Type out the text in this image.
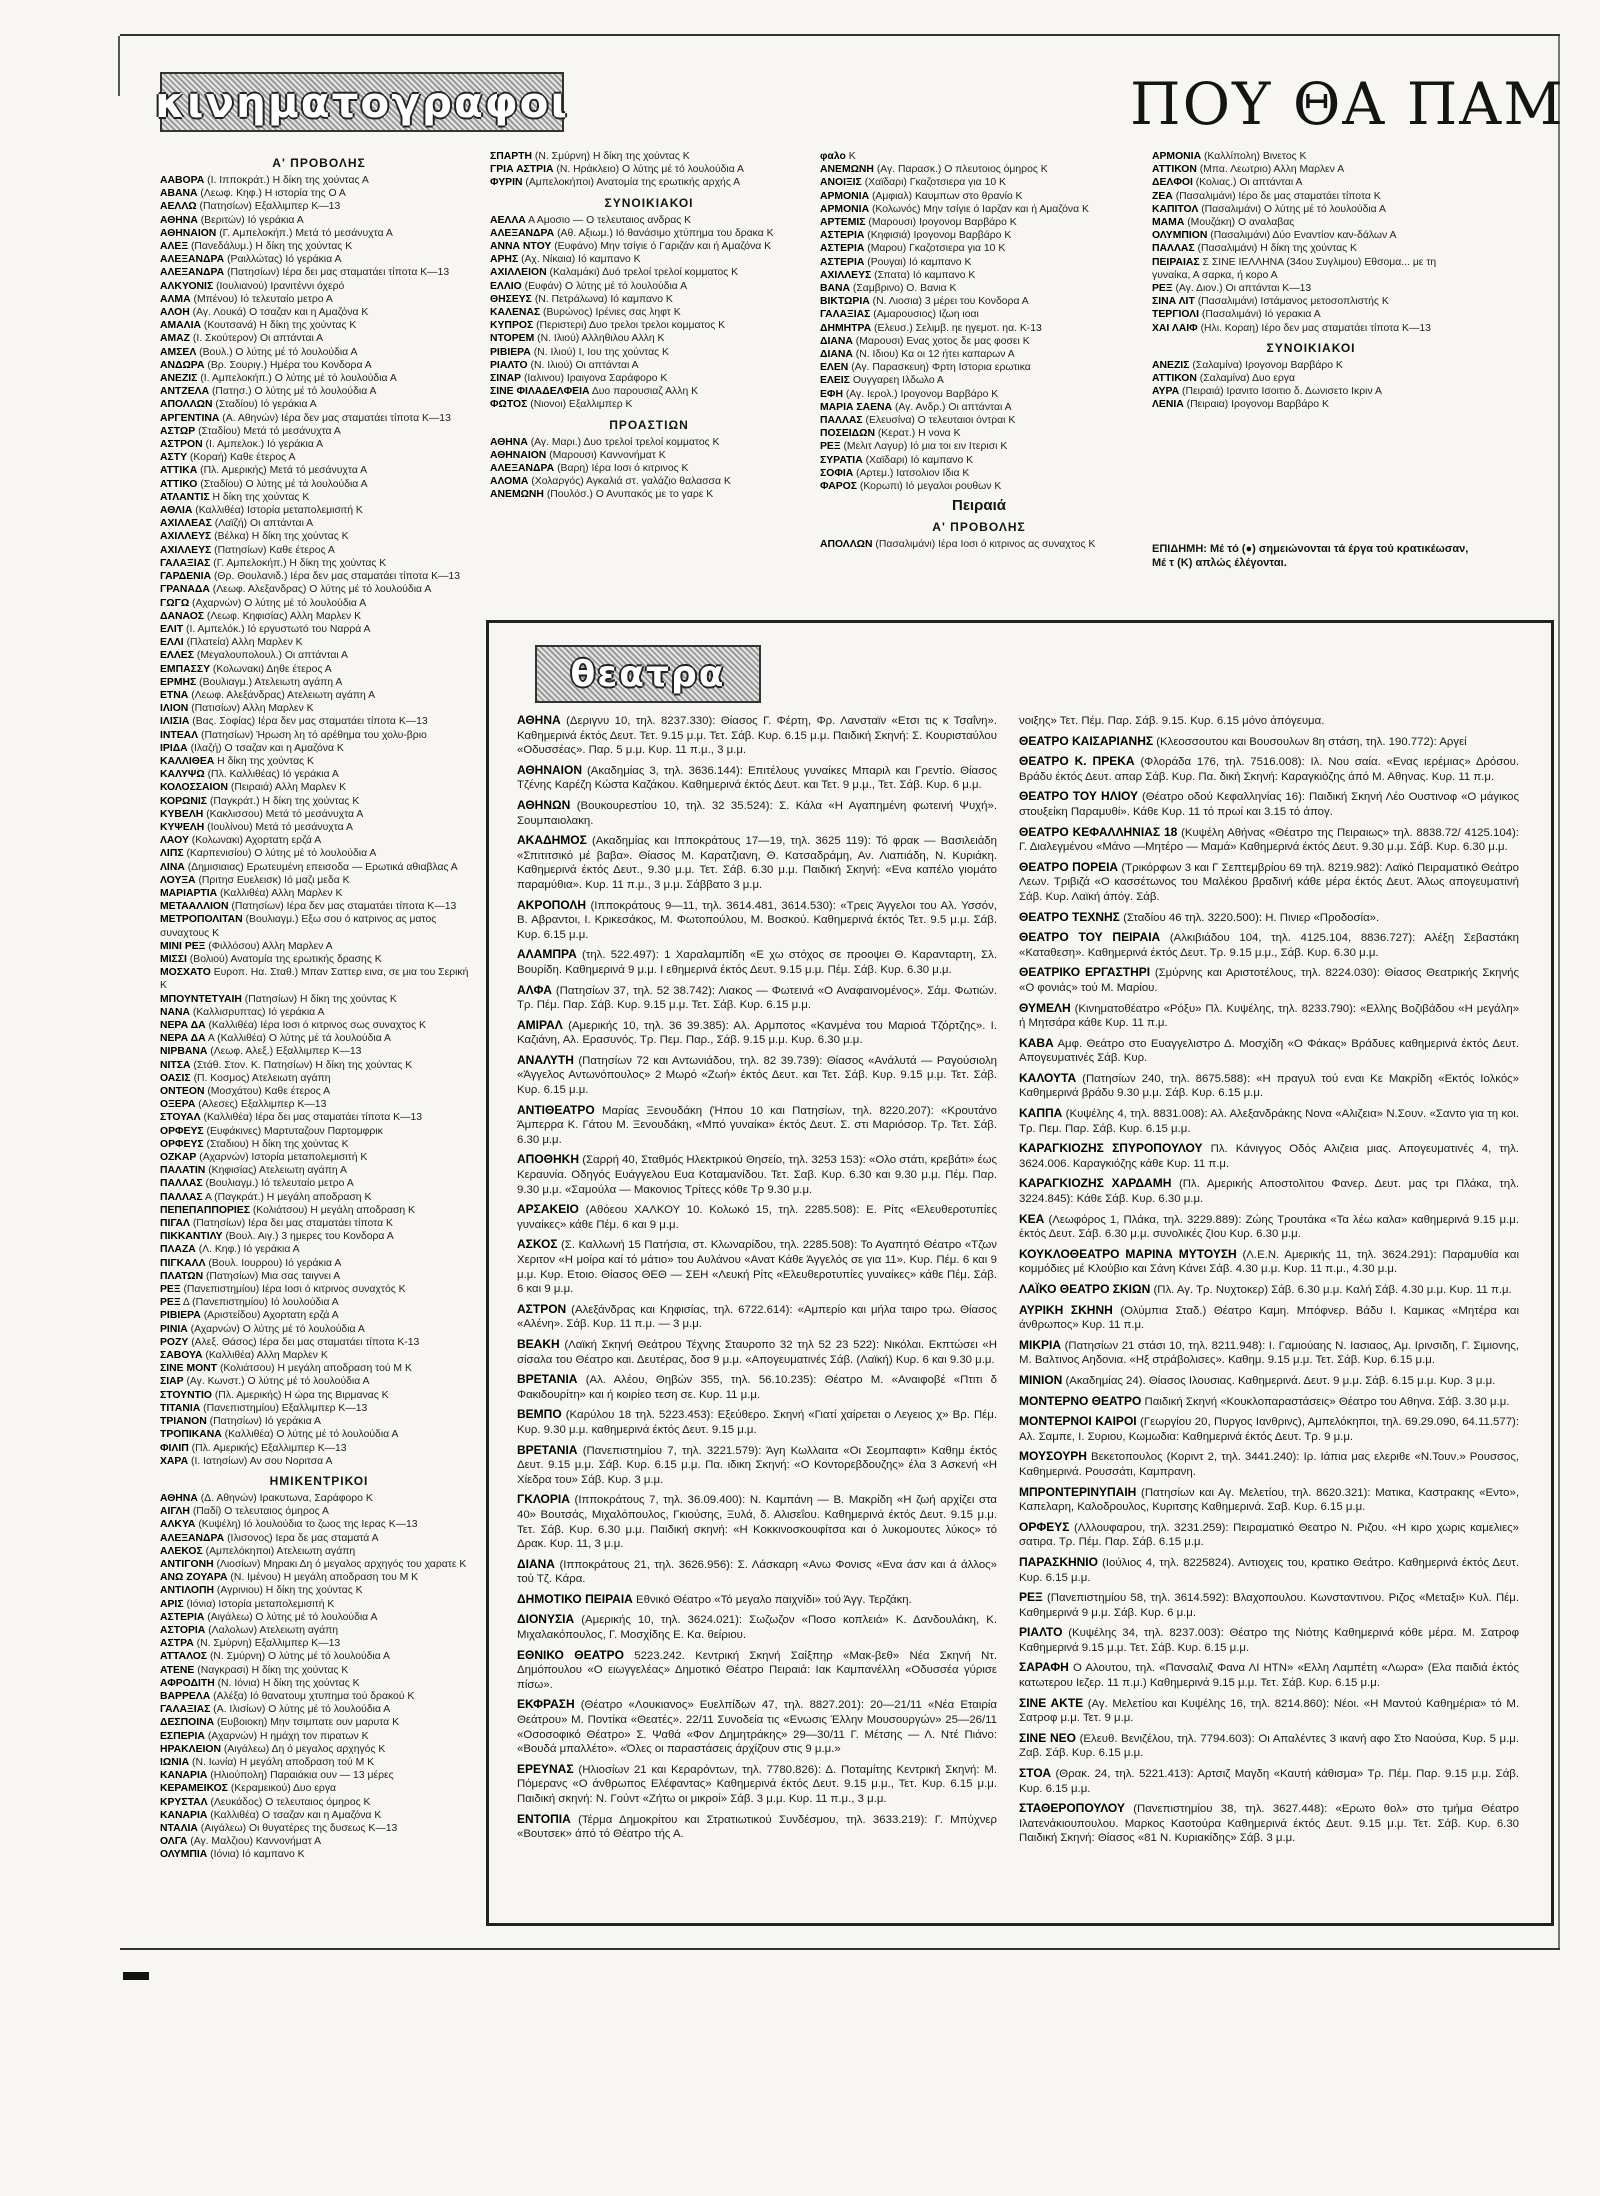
κινηματογραφοι	ΠΟΥ ΘΑ ΠΑΜ
Α' ΠΡΟΒΟΛΗΣ
ΑΑΒΟΡΑ (Ι. Ιπποκράτ.) Η δίκη της χούντας Α
ΑΒΑΝΑ (Λεωφ. Κηφ.) Η ιστορία της Ο Α
ΑΕΛΛΩ (Πατησίων) Εξαλλιμπερ Κ—13
ΑΘΗΝΑ (Βεριτών) Ιό γεράκια Α
ΑΘΗΝΑΙΟΝ (Γ. Αμπελοκήπ.) Μετά τό μεσάνυχτα Α
ΑΛΕΞ (Πανεδάλυμ.) Η δίκη της χούντας Κ
ΑΛΕΞΑΝΔΡΑ (Ραιλλώτας) Ιό γεράκια Α
ΑΛΕΞΑΝΔΡΑ (Πατησίων) Ιέρα δει μας σταματάει τίποτα Κ—13
ΑΛΚΥΟΝΙΣ (Ιουλιανού) Ιρανιτέννι όχερό
ΑΛΜΑ (Μπένου) Ιό τελευταίο μετρο Α
ΑΛΟΗ (Αγ. Λουκά) Ο τσαζαν και η Αμαζόνα Κ
ΑΜΑΛΙΑ (Κουτσανά) Η δίκη της χούντας Κ
ΑΜΑΖ (Ι. Σκούτερον) Οι απτάνται Α
ΑΜΣΕΛ (Βουλ.) Ο λύτης μέ τό λουλούδια Α
ΑΝΔΩΡΑ (Βρ. Σουριγ.) Ημέρα του Κονδορα Α
ΑΝΕΖΙΣ (Ι. Αμπελοκήπ.) Ο λύτης μέ τό λουλούδια Α
ΑΝΤΖΕΛΑ (Πατησ.) Ο λύτης μέ τό λουλούδια Α
ΑΠΟΛΛΩΝ (Σταδίου) Ιό γεράκια Α
ΑΡΓΕΝΤΙΝΑ (Α. Αθηνών) Ιέρα δεν μας σταματάει τίποτα Κ—13
ΑΣΤΩΡ (Σταδίου) Μετά τό μεσάνυχτα Α
ΑΣΤΡΟΝ (Ι. Αμπελοκ.) Ιό γεράκια Α
ΑΣΤΥ (Κοραή) Καθε έτερος Α
ΑΤΤΙΚΑ (Πλ. Αμερικής) Μετά τό μεσάνυχτα Α
ΑΤΤΙΚΟ (Σταδίου) Ο λύτης μέ τά λουλούδια Α
ΑΤΛΑΝΤΙΣ Η δίκη της χούντας Κ
ΑΘΛΙΑ (Καλλιθέα) Ιστορία μεταπολεμισιτή Κ
ΑΧΙΛΛΕΑΣ (Λαϊζή) Οι απτάνται Α
ΑΧΙΛΛΕΥΣ (Βέλκα) Η δίκη της χούντας Κ
ΑΧΙΛΛΕΥΣ (Πατησίων) Καθε έτερος Α
ΓΑΛΑΞΙΑΣ (Γ. Αμπελοκήπ.) Η δίκη της χούντας Κ
ΓΑΡΔΕΝΙΑ (Θρ. Θουλανιδ.) Ιέρα δεν μας σταματάει τίποτα Κ—13
ΓΡΑΝΑΔΑ (Λεωφ. Αλεξανδρας) Ο λύτης μέ τό λουλούδια Α
ΓΩΓΩ (Αχαρνών) Ο λύτης μέ τό λουλούδια Α
ΔΑΝΑΟΣ (Λεωφ. Κηφισίας) Αλλη Μαρλεν Κ
ΕΛΙΤ (Ι. Αμπελόκ.) Ιό εργυστωτό του Ναρρά Α
ΕΛΛΙ (Πλατεία) Αλλη Μαρλεν Κ
ΕΛΛΕΣ (Μεγαλουπολουλ.) Οι απτάνται Α
ΕΜΠΑΣΣΥ (Κολωνακι) Δηθε έτερος Α
ΕΡΜΗΣ (Βουλιαγμ.) Ατελειωτη αγάπη Α
ΕΤΝΑ (Λεωφ. Αλεξάνδρας) Ατελειωτη αγάπη Α
ΙΛΙΟΝ (Πατισίων) Αλλη Μαρλεν Κ
ΙΛΙΣΙΑ (Βας. Σοφίας) Ιέρα δεν μας σταματάει τίποτα Κ—13
ΙΝΤΕΑΛ (Πατησίων) Ήρωση λη τό αρέθημα του χολυ-βριο
ΙΡΙΔΑ (Ιλαζή) Ο τσαζαν και η Αμαζόνα Κ
ΚΑΛΛΙΘΕΑ Η δίκη της χούντας Κ
ΚΑΛΥΨΩ (Πλ. Καλλιθέας) Ιό γεράκια Α
ΚΟΛΟΣΣΑΙΟΝ (Πειραιά) Αλλη Μαρλεν Κ
ΚΟΡΩΝΙΣ (Παγκράτ.) Η δίκη της χούντας Κ
ΚΥΒΕΛΗ (Κακλισσου) Μετά τό μεσάνυχτα Α
ΚΥΨΕΛΗ (Ιουλίνου) Μετά τό μεσάνυχτα Α
ΛΑΟΥ (Κολωνακι) Αχορτατη ερζά Α
ΛΙΠΣ (Καρπενισίου) Ο λύτης μέ τό λουλούδια Α
ΛΙΝΑ (Δημισιαιας) Ερωτευμένη επεισοδα — Ερωτικά αθιαβλας Α
ΛΟΥΞΑ (Πριτησ Ευελεισκ) Ιό μαζι μεδα Κ
ΜΑΡΙΑΡΤΙΑ (Καλλιθέα) Αλλη Μαρλεν Κ
ΜΕΤΑΑΛΛΙΟΝ (Πατησίων) Ιέρα δεν μας σταματάει τίποτα Κ—13
ΜΕΤΡΟΠΟΛΙΤΑΝ (Βουλιαγμ.) Εξω σου ό κατρινος ας ματος συναχτους Κ
ΜΙΝΙ ΡΕΞ (Φιλλόσου) Αλλη Μαρλεν Α
ΜΙΣΣΙ (Βολιού) Ανατομία της ερωτικής δρασης Κ
ΜΟΣΧΑΤΟ Ευροπ. Ηα. Σταθ.) Μπαν Σαττερ εινα, σε μια του Σερική Κ
ΜΠΟΥΝΤΕΤΥΑΙΗ (Πατησίων) Η δίκη της χούντας Κ
ΝΑΝΑ (Καλλισρυπτας) Ιό γεράκια Α
ΝΕΡΑ ΔΑ (Καλλιθέα) Ιέρα Ιοσι ό κιτρινος σως συναχτος Κ
ΝΕΡΑ ΔΑ Α (Καλλιθέα) Ο λύτης μέ τά λουλούδια Α
ΝΙΡΒΑΝΑ (Λεωφ. Αλεξ.) Εξαλλιμπερ Κ—13
ΝΙΤΣΑ (Στάθ. Στον. Κ. Πατησίων) Η δίκη της χούντας Κ
ΟΑΣΙΣ (Π. Κοσμος) Ατελειωτη αγάπη
ΟΝΤΕΟΝ (Μοσχάτου) Καθε έτερος Α
ΟΞΕΡΑ (Αλεσες) Εξαλλιμπερ Κ—13
ΣΤΟΥΑΛ (Καλλιθέα) Ιέρα δει μας σταματάει τίποτα Κ—13
ΟΡΦΕΥΣ (Ευφάκινες) Μαρτυταζουν Παρτομφρικ
ΟΡΦΕΥΣ (Σταδιου) Η δίκη της χούντας Κ
ΟΖΚΑΡ (Αχαρνών) Ιστορία μεταπολεμισιτή Κ
ΠΑΛΑΤΙΝ (Κηφισίας) Ατελειωτη αγάπη Α
ΠΑΛΛΑΣ (Βουλιαγμ.) Ιό τελευταίο μετρο Α
ΠΑΛΛΑΣ Α (Παγκράτ.) Η μεγάλη αποδραση Κ
ΠΕΠΕΠΑΠΠΟΡΙΕΣ (Κολιάτσου) Η μεγάλη αποδραση Κ
ΠΙΓΑΛ (Πατησίων) Ιέρα δει μας σταματάει τίποτα Κ
ΠΙΚΚΑΝΤΙΛΥ (Βουλ. Αιγ.) 3 ημερες του Κονδορα Α
ΠΛΑΖΑ (Λ. Κηφ.) Ιό γεράκια Α
ΠΙΓΚΑΛΛ (Βουλ. Ιουρρου) Ιό γεράκια Α
ΠΛΑΤΩΝ (Πατησίων) Μια σας ταιγνει Α
ΡΕΞ (Πανεπιστημίου) Ιέρα Ιοσι ό κιτρινος συναχτός Κ
ΡΕΞ Δ (Πανεπιστημίου) Ιό λουλούδια Α
ΡΙΒΙΕΡΑ (Αριστείδου) Αχορτατη ερζά Α
ΡΙΝΙΑ (Αχαρνών) Ο λύτης μέ τό λουλούδια Α
ΡΟΖΥ (Αλεξ. Θάσος) Ιέρα δει μας σταματάει τίποτα Κ-13
ΣΑΒΟΥΑ (Καλλιθέα) Αλλη Μαρλεν Κ
ΣΙΝΕ ΜΟΝΤ (Κολιάτσου) Η μεγάλη αποδραση τού Μ Κ
ΣΙΑΡ (Αγ. Κωνστ.) Ο λύτης μέ τό λουλούδια Α
ΣΤΟΥΝΤΙΟ (Πλ. Αμερικής) Η ώρα της Βιρμανας Κ
ΤΙΤΑΝΙΑ (Πανεπιστημίου) Εξαλλιμπερ Κ—13
ΤΡΙΑΝΟΝ (Πατησίων) Ιό γεράκια Α
ΤΡΟΠΙΚΑΝΑ (Καλλιθέα) Ο λύτης μέ τό λουλούδια Α
ΦΙΛΙΠ (Πλ. Αμερικής) Εξαλλιμπερ Κ—13
ΧΑΡΑ (Ι. Ιατησίων) Αν σου Νοριτσα Α
ΗΜΙΚΕΝΤΡΙΚΟΙ
ΑΘΗΝΑ (Δ. Αθηνών) Ιρακυτωνα, Σαράφορο Κ
ΑΙΓΛΗ (Παδί) Ο τελευταιος όμηρος Α
ΑΛΚΥΑ (Κυψέλη) Ιό λουλούδια το ζωος της Ιερας Κ—13
ΑΛΕΞΑΝΔΡΑ (Ιλισονος) Ιερα δε μας σταματά Α
ΑΛΕΚΟΣ (Αμπελόκηποι) Ατελειωτη αγάπη
ΑΝΤΙΓΟΝΗ (Λιοσίων) Μηρακι Δη ό μεγαλος αρχηγός του χαρατε Κ
ΑΝΩ ΖΟΥΑΡΑ (Ν. Ιμένου) Η μεγάλη αποδραση του Μ Κ
ΑΝΤΙΛΟΠΗ (Αγρινιου) Η δίκη της χούντας Κ
ΑΡΙΣ (Ιόνια) Ιστορία μεταπολεμισιτή Κ
ΑΣΤΕΡΙΑ (Αιγάλεω) Ο λύτης μέ τό λουλούδια Α
ΑΣΤΟΡΙΑ (Λαλολων) Ατελειωτη αγάπη
ΑΣΤΡΑ (Ν. Σμύρνη) Εξαλλιμπερ Κ—13
ΑΤΤΑΛΟΣ (Ν. Σμύρνη) Ο λύτης μέ τό λουλούδια Α
ΑΤΕΝΕ (Ναγκρασι) Η δίκη της χούντας Κ
ΑΦΡΟΔΙΤΗ (Ν. Ιόνια) Η δίκη της χούντας Κ
ΒΑΡΡΕΛΑ (Αλέξα) Ιό θανατουμ χτυπημα τού δρακού Κ
ΓΑΛΑΞΙΑΣ (Α. Ιλισίων) Ο λύτης μέ τό λουλούδια Α
ΔΕΣΠΟΙΝΑ (Ευβοιοκη) Μην τσιμπατε ουν μαρυτα Κ
ΕΣΠΕΡΙΑ (Αχαρνών) Η ημάχη τον πιρατων Κ
ΗΡΑΚΛΕΙΟΝ (Αιγάλεω) Δη ό μεγαλος αρχηγός Κ
ΙΩΝΙΑ (Ν. Ιωνία) Η μεγάλη αποδραση τού Μ Κ
ΚΑΝΑΡΙΑ (Ηλιούπολη) Παραιάκια ουν — 13 μέρες
ΚΕΡΑΜΕΙΚΟΣ (Κεραμεικού) Δυο εργα
ΚΡΥΣΤΑΛ (Λευκάδος) Ο τελευταιος όμηρος Κ
ΚΑΝΑΡΙΑ (Καλλιθέα) Ο τσαζαν και η Αμαζόνα Κ
ΝΤΑΛΙΑ (Αιγάλεω) Οι θυγατέρες της δυσεως Κ—13
ΟΛΓΑ (Αγ. Μαλζιου) Καννονήματ Α
ΟΛΥΜΠΙΑ (Ιόνια) Ιό καμπανο Κ
ΣΠΑΡΤΗ (Ν. Σμύρνη) Η δίκη της χούντας Κ
ΓΡΙΑ ΑΣΤΡΙΑ (Ν. Ηράκλειο) Ο λύτης μέ τό λουλούδια Α
ΦΥΡΙΝ (Αμπελοκήποι) Ανατομία της ερωτικής αρχής Α
ΣΥΝΟΙΚΙΑΚΟΙ
ΑΕΛΛΑ Α Αμοσιο — Ο τελευταιος ανδρας Κ
ΑΛΕΞΑΝΔΡΑ (Αθ. Αξιωμ.) Ιό θανάσιμο χτύπημα του δρακα Κ
ΑΝΝΑ ΝΤΟΥ (Ευφάνο) Μην τσίγιε ό Γαριζάν και ή Αμαζόνα Κ
ΑΡΗΣ (Αχ. Νίκαια) Ιό καμπανο Κ
ΑΧΙΛΛΕΙΟΝ (Καλαμάκι) Δυό τρελοί τρελοί κομματος Κ
ΕΛΛΙΟ (Ευφάν) Ο λύτης μέ τό λουλούδια Α
ΘΗΣΕΥΣ (Ν. Πετράλωνα) Ιό καμπανο Κ
ΚΑΛΕΝΑΣ (Βυρώνος) Ιρένιες σας ληφτ Κ
ΚΥΠΡΟΣ (Περιστερι) Δυο τρελοι τρελοι κομματος Κ
ΝΤΟΡΕΜ (Ν. Ιλιού) Αλληθιλου Αλλη Κ
ΡΙΒΙΕΡΑ (Ν. Ιλιού) Ι, Ιου της χούντας Κ
ΡΙΑΛΤΟ (Ν. Ιλιού) Οι απτάνται Α
ΣΙΝΑΡ (Ιαλινου) Ιραιγονα Σαράφορο Κ
ΣΙΝΕ ΦΙΛΑΔΕΛΦΕΙΑ Δυο παρουσιαζ Αλλη Κ
ΦΩΤΟΣ (Νιονοι) Εξαλλιμπερ Κ
ΠΡΟΑΣΤΙΩΝ
ΑΘΗΝΑ (Αγ. Μαρι.) Δυο τρελοί τρελοί κομματος Κ
ΑΘΗΝΑΙΟΝ (Μαρουσι) Καννονήματ Κ
ΑΛΕΞΑΝΔΡΑ (Βαρη) Ιέρα Ιοσι ό κιτρινος Κ
ΑΛΟΜΑ (Χολαργός) Αγκαλιά στ. γαλάζιο θαλασσα Κ
ΑΝΕΜΩΝΗ (Πουλόσ.) Ο Ανυπακός με το γαρε Κ
φαλο Κ
ΑΝΕΜΩΝΗ (Αγ. Παρασκ.) Ο πλευτοιος όμηρος Κ
ΑΝΟΙΞΙΣ (Χαϊδαρι) Γκαζοτσιερα για 10 Κ
ΑΡΜΟΝΙΑ (Αμφιαλ) Καυμπων στο θρανίο Κ
ΑΡΜΟΝΙΑ (Κολωνός) Μην τσίγιε ό Ιαρζαν και ή Αμαζόνα Κ
ΑΡΤΕΜΙΣ (Μαρουσι) Ιρογονομ Βαρβάρο Κ
ΑΣΤΕΡΙΑ (Κηφισιά) Ιρογονομ Βαρβάρο Κ
ΑΣΤΕΡΙΑ (Μαρου) Γκαζοτσιερα για 10 Κ
ΑΣΤΕΡΙΑ (Ρουγαι) Ιό καμπανο Κ
ΑΧΙΛΛΕΥΣ (Σπατα) Ιό καμπανο Κ
ΒΑΝΑ (Σαμβρινο) Ο. Βανια Κ
ΒΙΚΤΩΡΙΑ (Ν. Λιοσια) 3 μέρει του Κονδορα Α
ΓΑΛΑΞΙΑΣ (Αμαρουσιος) Ιζωη ιοαι
ΔΗΜΗΤΡΑ (Ελευσ.) Σελιμβ. ηε ηγεμοτ. ηα. Κ-13
ΔΙΑΝΑ (Μαρουσι) Ενας χοτος δε μας φοσει Κ
ΔΙΑΝΑ (Ν. Ιδιου) Κα οι 12 ήτει καπαρων Α
ΕΛΕΝ (Αγ. Παρασκευη) Φρτη Ιστορια ερωτικα
ΕΛΕΙΣ Ουγγαρεη Ιλδωλο Α
ΕΦΗ (Αγ. Ιερολ.) Ιρογονομ Βαρβάρο Κ
ΜΑΡΙΑ ΣΑΕΝΑ (Αγ. Ανδρ.) Οι απτάνται Α
ΠΑΛΛΑΣ (Ελευσίνα) Ο τελευταιοι όντραι Κ
ΠΟΣΕΙΔΩΝ (Κερατ.) Η νονα Κ
ΡΕΞ (Μελιτ Λαγυρ) Ιό μια τοι ειν Ιτερισι Κ
ΣΥΡΑΤΙΑ (Χαϊδαρι) Ιό καμπανο Κ
ΣΟΦΙΑ (Αρτεμ.) Ιατσολιον Ιδια Κ
ΦΑΡΟΣ (Κορωπι) Ιό μεγαλοι ρουθων Κ
Πειραιά
Α' ΠΡΟΒΟΛΗΣ
ΑΠΟΛΛΩΝ (Πασαλιμάνι) Ιέρα Ιοσι ό κιτρινος ας συναχτος Κ
ΑΡΜΟΝΙΑ (Καλλίπολη) Βινετος Κ
ΑΤΤΙΚΟΝ (Μπα. Λεωτριο) Αλλη Μαρλεν Α
ΔΕΛΦΟΙ (Κολιας.) Οι απτάνται Α
ΖΕΑ (Πασαλιμάνι) Ιέρο δε μας σταματάει τίποτα Κ
ΚΑΠΙΤΟΛ (Πασαλιμάνι) Ο λύτης μέ τό λουλούδια Α
ΜΑΜΑ (Μουζάκη) Ο αναλαβας
ΟΛΥΜΠΙΟΝ (Πασαλιμάνι) Δύο Εναντίον καν-δάλων Α
ΠΑΛΛΑΣ (Πασαλιμάνι) Η δίκη της χούντας Κ
ΠΕΙΡΑΙΑΣ Σ ΣΙΝΕ ΙΕΛΛΗΝΑ (34ου Συγλιμου) Εθσομα... με τη γυναίκα, Α σαρκα, ή κορο Α
ΡΕΞ (Αγ. Διον.) Οι απτάνται Κ—13
ΣΙΝΑ ΛΙΤ (Πασαλιμάνι) Ιστάμανος μετοσοπλιστής Κ
ΤΕΡΓΙΟΛΙ (Πασαλιμάνι) Ιό γερακια Α
ΧΑΙ ΛΑΙΦ (Ηλι. Κοραη) Ιέρο δεν μας σταματάει τίποτα Κ—13
ΣΥΝΟΙΚΙΑΚΟΙ
ΑΝΕΖΙΣ (Σαλαμίνα) Ιρογονομ Βαρβάρο Κ
ΑΤΤΙΚΟΝ (Σαλαμίνα) Δυο εργα
ΑΥΡΑ (Πειραιά) Ιρανιτο Ισοιτιο δ. Δωνισετο Ικριν Α
ΛΕΝΙΑ (Πειραια) Ιρογονομ Βαρβάρο Κ
ΕΠΙΔΗΜΗ: Μέ τό (●) σημειώνονται τά έργα τού κρατικέωσαν, Μέ τ (Κ) απλώς έλέγονται.
θεατρα

ΑΘΗΝΑ (Δεριγνυ 10, τηλ. 8237.330): Θίασος Γ. Φέρτη, Φρ. Λανσταϊν «Ετσι τις κ Τσαΐνη». Καθημερινά έκτός Δευτ. Τετ. 9.15 μ.μ. Τετ. Σάβ. Κυρ. 6.15 μ.μ. Παιδική Σκηνή: Σ. Κουρισταύλου «Οδυσσέας». Παρ. 5 μ.μ. Κυρ. 11 π.μ., 3 μ.μ.

ΑΘΗΝΑΙΟΝ (Ακαδημίας 3, τηλ. 3636.144): Επιτέλους γυναίκες Μπαριλ και Γρεντίο. Θίασος Τζένης Καρέζη Κώστα Καζάκου. Καθημερινά έκτός Δευτ. και Τετ. 9 μ.μ., Τετ. Σάβ. Κυρ. 6 μ.μ.

ΑΘΗΝΩΝ (Βουκουρεστίου 10, τηλ. 32 35.524): Σ. Κάλα «Η Αγαπημένη φωτεινή Ψυχή». Σουμπαιολακη.

ΑΚΑΔΗΜΟΣ (Ακαδημίας και Ιπποκράτους 17—19, τηλ. 3625 119): Τό φρακ — Βασιλειάδη «Σπιτιτσικό μέ βαβα». Θίασος Μ. Καρατζιανη, Θ. Κατσαδράμη, Αν. Λιαπιάδη, Ν. Κυριάκη. Καθημερινά έκτός Δευτ., 9.30 μ.μ. Τετ. Σάβ. 6.30 μ.μ. Παιδική Σκηνή: «Ενα καπέλο γιομάτο παραμύθια». Κυρ. 11 π.μ., 3 μ.μ. Σάββατο 3 μ.μ.

ΑΚΡΟΠΟΛΗ (Ιπποκράτους 9—11, τηλ. 3614.481, 3614.530): «Τρεις Άγγελοι του Αλ. Υσσόν, Β. Αβραντοι, Ι. Κρικεσάκος, Μ. Φωτοπούλου, Μ. Βοσκού. Καθημερινά έκτός Τετ. 9.5 μ.μ. Σάβ. Κυρ. 6.15 μ.μ.

ΑΛΑΜΠΡΑ (τηλ. 522.497): 1 Χαραλαμπίδη «Ε χω στόχος σε προοψει Θ. Καρανταρτη, Σλ. Βουρίδη. Καθημερινά 9 μ.μ. Ι εθημερινά έκτός Δευτ. 9.15 μ.μ. Πέμ. Σάβ. Κυρ. 6.30 μ.μ.

ΑΛΦΑ (Πατησίων 37, τηλ. 52 38.742): Λιακος — Φωτεινά «Ο Αναφαινομένος». Σάμ. Φωτιών. Τρ. Πέμ. Παρ. Σάβ. Κυρ. 9.15 μ.μ. Τετ. Σάβ. Κυρ. 6.15 μ.μ.

ΑΜΙΡΑΛ (Αμερικής 10, τηλ. 36 39.385): Αλ. Αρμποτος «Κανμένα του Μαριοά Τζόρτζης». Ι. Καζιάνη, Αλ. Ερασυνός. Τρ. Πεμ. Παρ., Σάβ. 9.15 μ.μ. Κυρ. 6.30 μ.μ.

ΑΝΑΛΥΤΗ (Πατησίων 72 και Αντωνιάδου, τηλ. 82 39.739): Θίασος «Ανάλυτά — Ραγούσιολη «Άγγελος Αντωνόπουλος» 2 Μωρό «Ζωή» έκτός Δευτ. και Τετ. Σάβ. Κυρ. 9.15 μ.μ. Τετ. Σάβ. Κυρ. 6.15 μ.μ.

ΑΝΤΙΘΕΑΤΡΟ Μαρίας Ξενουδάκη (Ήπου 10 και Πατησίων, τηλ. 8220.207): «Κρουτάνο Άμπερρα Κ. Γάτου Μ. Ξενουδάκη, «Μπό γυναίκα» έκτός Δευτ. Σ. στι Μαριόσορ. Τρ. Τετ. Σάβ. 6.30 μ.μ.

ΑΠΟΘΗΚΗ (Σαρρή 40, Σταθμός Ηλεκτρικού Θησείο, τηλ. 3253 153): «Ολο στάτι, κρεβάτι» έως Κεραυνία. Οδηγός Ευάγγελου Ευα Κοταμανίδου. Τετ. Σαβ. Κυρ. 6.30 και 9.30 μ.μ. Πέμ. Παρ. 9.30 μ.μ. «Σαμούλα — Μακονιος Τρίτεςς κόθε Τρ 9.30 μ.μ.

ΑΡΣΑΚΕΙΟ (Αθόεου ΧΑΛΚΟΥ 10. Κολωκό 15, τηλ. 2285.508): Ε. Ρίτς «Ελευθεροτυπίες γυναίκες» κάθε Πέμ. 6 και 9 μ.μ.

ΑΣΚΟΣ (Σ. Καλλωνή 15 Πατήσια, στ. Κλωναρίδου, τηλ. 2285.508): Το Αγαπητό Θέατρο «Τζων Χεριτον «Η μοίρα καί τό μάτιο» του Αυλάνου «Ανατ Κάθε Άγγελός σε για 11». Κυρ. Πέμ. 6 και 9 μ.μ. Κυρ. Ετοιο. Θίασος ΘΕΘ — ΣΕΗ «Λευκή Ρίτς «Ελευθεροτυπίες γυναίκες» κάθε Πέμ. Σάβ. 6 και 9 μ.μ.

ΑΣΤΡΟΝ (Αλεξάνδρας και Κηφισίας, τηλ. 6722.614): «Αμπερίο και μήλα ταιρο τρω. Θίασος «Αλένη». Σάβ. Κυρ. 11 π.μ. — 3 μ.μ.

ΒΕΑΚΗ (Λαϊκή Σκηνή Θεάτρου Τέχνης Σταυροπο 32 τηλ 52 23 522): Νικόλαι. Εκπτώσει «Η σίσαλα του Θέατρο και. Δευτέρας, δοσ 9 μ.μ. «Απογευματινές Σάβ. (Λαϊκή) Κυρ. 6 και 9.30 μ.μ.

ΒΡΕΤΑΝΙΑ (Αλ. Αλέου, Θηβών 355, τηλ. 56.10.235): Θέατρο Μ. «Αναιφοβέ «Πτιτι δ Φακιδουρίτη» και ή κοιρίεο τεση σε. Κυρ. 11 μ.μ.

ΒΕΜΠΟ (Καρύλου 18 τηλ. 5223.453): Εξεύθερο. Σκηνή «Γιατί χαίρεται ο Λεγειος χ» Βρ. Πέμ. Κυρ. 9.30 μ.μ. καθημερινά έκτός Δευτ. 9.15 μ.μ.

ΒΡΕΤΑΝΙΑ (Πανεπιστημίου 7, τηλ. 3221.579): Άγη Κωλλαιτα «Οι Σεομπαφτι» Καθημ έκτός Δευτ. 9.15 μ.μ. Σάβ. Κυρ. 6.15 μ.μ. Πα. ιδικη Σκηνή: «Ο Κοντορεβδουζης» έλα 3 Ασκενή «Η Χίεδρα του» Σάβ. Κυρ. 3 μ.μ.

ΓΚΛΟΡΙΑ (Ιπποκράτους 7, τηλ. 36.09.400): Ν. Καμπάνη — Β. Μακρίδη «Η ζωή αρχίζει στα 40» Βουτσάς, Μιχαλόπουλος, Γκιούσης, Ξυλά, δ. Αλισεΐου. Καθημερινά έκτός Δευτ. 9.15 μ.μ. Τετ. Σάβ. Κυρ. 6.30 μ.μ. Παιδική σκηνή: «Η Κοκκινοσκουφίτσα και ό λυκομουτες λύκος» τό Δρακ. Κυρ. 11, 3 μ.μ.

ΔΙΑΝΑ (Ιπποκράτους 21, τηλ. 3626.956): Σ. Λάσκαρη «Ανω Φονισς «Ενα άσν και ά άλλος» τού Τζ. Κάρα.

ΔΗΜΟΤΙΚΟ ΠΕΙΡΑΙΑ Εθνικό Θέατρο «Τό μεγαλο παιχνίδι» τού Άγγ. Τερζάκη.

ΔΙΟΝΥΣΙΑ (Αμερικής 10, τηλ. 3624.021): Σωζωζον «Ποσο κοπλειά» Κ. Δανδουλάκη, Κ. Μιχαλακόπουλος, Γ. Μοσχίδης Ε. Κα. θείριου.

ΕΘΝΙΚΟ ΘΕΑΤΡΟ 5223.242. Κεντρική Σκηνή Σαίξπηρ «Μακ-βεθ» Νέα Σκηνή Ντ. Δημόπουλου «Ο ειωγγελέας» Δημοτικό Θέατρο Πειραιά: Ιακ Καμπανέλλη «Οδυσσέα γύρισε πίσω».

ΕΚΦΡΑΣΗ (Θέατρο «Λουκιανος» Ευελπίδων 47, τηλ. 8827.201): 20—21/11 «Νέα Εταιρία Θεάτρου» Μ. Ποντίκα «Θεατές». 22/11 Συνοδεία τις «Ενωσις Έλλην Μουσουργών» 25—26/11 «Οσοσοφικό Θέατρο» Σ. Ψαθά «Φον Δημητράκης» 29—30/11 Γ. Μέτσης — Λ. Ντέ Πιάνο: «Βουδά μπαλλέτο». «Όλες οι παραστάσεις άρχίζουν στις 9 μ.μ.»

ΕΡΕΥΝΑΣ (Ηλιοσίων 21 και Κεραρόντων, τηλ. 7780.826): Δ. Ποταμίτης Κεντρική Σκηνή: Μ. Πόμερανς «Ο άνθρωπος Ελέφαντας» Καθημερινά έκτός Δευτ. 9.15 μ.μ., Τετ. Κυρ. 6.15 μ.μ. Παιδική σκηνή: Ν. Γούντ «Ζήτω οι μικροί» Σάβ. 3 μ.μ. Κυρ. 11 π.μ., 3 μ.μ.

ΕΝΤΟΠΙΑ (Τέρμα Δημοκρίτου και Στρατιωτικού Συνδέσμου, τηλ. 3633.219): Γ. Μπύχνερ «Βουτσεκ» άπό τό Θέατρο τής Α.

νοιξης» Τετ. Πέμ. Παρ. Σάβ. 9.15. Κυρ. 6.15 μόνο άπόγευμα.

ΘΕΑΤΡΟ ΚΑΙΣΑΡΙΑΝΗΣ (Κλεοσσουτου και Βουσουλων 8η στάση, τηλ. 190.772): Αργεί

ΘΕΑΤΡΟ Κ. ΠΡΕΚΑ (Φλοράδα 176, τηλ. 7516.008): Ιλ. Νου σαία. «Ενας ιερέμιας» Δρόσου. Βράδυ έκτός Δευτ. απαρ Σάβ. Κυρ. Πα. δική Σκηνή: Καραγκιόζης άπό Μ. Αθηνας. Κυρ. 11 π.μ.

ΘΕΑΤΡΟ ΤΟΥ ΗΛΙΟΥ (Θέατρο οδού Κεφαλληνίας 16): Παιδική Σκηνή Λέο Ουστινοφ «Ο μάγικος στουξείκη Παραμυθί». Κάθε Κυρ. 11 τό πρωί και 3.15 τό άπογ.

ΘΕΑΤΡΟ ΚΕΦΑΛΛΗΝΙΑΣ 18 (Κυψέλη Αθήνας «Θέατρο της Πειραιως» τηλ. 8838.72/ 4125.104): Γ. Διαλεγμένου «Μάνο —Μητέρο — Μαμά» Καθημερινά έκτός Δευτ. 9.30 μ.μ. Σάβ. Κυρ. 6.30 μ.μ.

ΘΕΑΤΡΟ ΠΟΡΕΙΑ (Τρικόρφων 3 και Γ Σεπτεμβρίου 69 τηλ. 8219.982): Λαϊκό Πειραματικό Θεάτρο Λεων. Τριβιζά «Ο κασσέτωνος του Μαλέκου βραδινή κάθε μέρα έκτός Δευτ. Άλως απογευματινή Σάβ. Κυρ. Λαϊκή άπόγ. Σάβ.

ΘΕΑΤΡΟ ΤΕΧΝΗΣ (Σταδίου 46 τηλ. 3220.500): Η. Πινιερ «Προδοσία».

ΘΕΑΤΡΟ ΤΟΥ ΠΕΙΡΑΙΑ (Αλκιβιάδου 104, τηλ. 4125.104, 8836.727): Αλέξη Σεβαστάκη «Καταθεση». Καθημερινά έκτός Δευτ. Τρ. 9.15 μ.μ., Σάβ. Κυρ. 6.30 μ.μ.

ΘΕΑΤΡΙΚΟ ΕΡΓΑΣΤΗΡΙ (Σμύρνης και Αριστοτέλους, τηλ. 8224.030): Θίασος Θεατρικής Σκηνής «Ο φονιάς» τού Μ. Μαρίου.

ΘΥΜΕΛΗ (Κινηματοθέατρο «Ρόξυ» Πλ. Κυψέλης, τηλ. 8233.790): «Ελλης Βοζιβάδου «Η μεγάλη» ή Μητσάρα κάθε Κυρ. 11 π.μ.

ΚΑΒΑ Αμφ. Θεάτρο στο Ευαγγελιστρο Δ. Μοσχίδη «Ο Φάκας» Βράδυες καθημερινά έκτός Δευτ. Απογευματινές Σάβ. Κυρ.

ΚΑΛΟΥΤΑ (Πατησίων 240, τηλ. 8675.588): «Η πραγυλ τού εναι Κε Μακρίδη «Εκτός Ιολκός» Καθημερινά βράδυ 9.30 μ.μ. Σάβ. Κυρ. 6.15 μ.μ.

ΚΑΠΠΑ (Κυψέλης 4, τηλ. 8831.008): Αλ. Αλεξανδράκης Νονα «Αλιζεια» Ν.Σουν. «Σαντο για τη κοι. Τρ. Πεμ. Παρ. Σάβ. Κυρ. 6.15 μ.μ.

ΚΑΡΑΓΚΙΟΖΗΣ ΣΠΥΡΟΠΟΥΛΟΥ Πλ. Κάνιγγος Οδός Αλιζεια μιας. Απογευματινές 4, τηλ. 3624.006. Καραγκιόζης κάθε Κυρ. 11 π.μ.

ΚΑΡΑΓΚΙΟΖΗΣ ΧΑΡΔΑΜΗ (Πλ. Αμερικής Αποστολιτου Φανερ. Δευτ. μας τρι Πλάκα, τηλ. 3224.845): Κάθε Σάβ. Κυρ. 6.30 μ.μ.

ΚΕΑ (Λεωφόρος 1, Πλάκα, τηλ. 3229.889): Ζώης Τρουτάκα «Τα λέω καλα» καθημερινά 9.15 μ.μ. έκτός Δευτ. Σάβ. 6.30 μ.μ. συνολικές ζΙου Κυρ. 6.30 μ.μ.

ΚΟΥΚΛΟΘΕΑΤΡΟ ΜΑΡΙΝΑ ΜΥΤΟΥΣΗ (Λ.Ε.Ν. Αμερικής 11, τηλ. 3624.291): Παραμυθία και κομμόδιες μέ Κλούβιο και Σάνη Κάνει Σάβ. 4.30 μ.μ. Κυρ. 11 π.μ., 4.30 μ.μ.

ΛΑΪΚΟ ΘΕΑΤΡΟ ΣΚΙΩΝ (Πλ. Αγ. Τρ. Νυχτοκερ) Σάβ. 6.30 μ.μ. Καλή Σάβ. 4.30 μ.μ. Κυρ. 11 π.μ.

ΑΥΡΙΚΗ ΣΚΗΝΗ (Ολύμπια Σταδ.) Θέατρο Καμη. Μπόφνερ. Βάδυ Ι. Καμικας «Μητέρα και άνθρωπος» Κυρ. 11 π.μ.

ΜΙΚΡΙΑ (Πατησίων 21 στάσι 10, τηλ. 8211.948): Ι. Γαμιούαης Ν. Ιασιαος, Αμ. Ιρινσιδη, Γ. Σιμιονης, Μ. Βαλτινος Αηδονια. «Ηξ στράβολισες». Καθημ. 9.15 μ.μ. Τετ. Σάβ. Κυρ. 6.15 μ.μ.

ΜΙΝΙΟΝ (Ακαδημίας 24). Θίασος Ιλουσιας. Καθημερινά. Δευτ. 9 μ.μ. Σάβ. 6.15 μ.μ. Κυρ. 3 μ.μ.

ΜΟΝΤΕΡΝΟ ΘΕΑΤΡΟ Παιδική Σκηνή «Κουκλοπαραστάσεις» Θέατρο του Αθηνα. Σάβ. 3.30 μ.μ.

ΜΟΝΤΕΡΝΟΙ ΚΑΙΡΟΙ (Γεωργίου 20, Πυργος Ιανθρινς), Αμπελόκηποι, τηλ. 69.29.090, 64.11.577): Αλ. Σαμπε, Ι. Συριου, Κωμωδια: Καθημερινά έκτός Δευτ. Τρ. 9 μ.μ.

ΜΟΥΣΟΥΡΗ Βεκετοπουλος (Κοριντ 2, τηλ. 3441.240): Ιρ. Ιάπια μας ελεριθε «Ν.Τουν.» Ρουσσος, Καθημερινά. Ρουσσάτι, Καμπρανη.

ΜΠΡΟΝΤΕΡΙΝΥΠΑΙΗ (Πατησίων και Αγ. Μελετίου, τηλ. 8620.321): Ματικα, Καστρακης «Εντο», Καπελαρη, Καλοδρουλος, Κυριτσης Καθημερινά. Σαβ. Κυρ. 6.15 μ.μ.

ΟΡΦΕΥΣ (Λλλουφαρου, τηλ. 3231.259): Πειραματικό Θεατρο Ν. Ριζου. «Η κιρο χωρις καμελιες» σατιρα. Τρ. Πέμ. Παρ. Σάβ. 6.15 μ.μ.

ΠΑΡΑΣΚΗΝΙΟ (Ιούλιος 4, τηλ. 8225824). Αντιοχεις του, κρατικο Θεάτρο. Καθημερινά έκτός Δευτ. Κυρ. 6.15 μ.μ.

ΡΕΞ (Πανεπιστημίου 58, τηλ. 3614.592): Βλαχοπουλου. Κωνσταντινου. Ριζος «Μεταξι» Κυλ. Πέμ. Καθημερινά 9 μ.μ. Σάβ. Κυρ. 6 μ.μ.

ΡΙΑΛΤΟ (Κυψέλης 34, τηλ. 8237.003): Θέατρο της Νιότης Καθημερινά κόθε μέρα. Μ. Σατροφ Καθημερινά 9.15 μ.μ. Τετ. Σάβ. Κυρ. 6.15 μ.μ.

ΣΑΡΑΦΗ Ο Αλουτου, τηλ. «Πανσαλιζ Φανα ΛΙ ΗΤΝ» «Ελλη Λαμπέτη «Λωρα» (Ελα παιδιά έκτός κατωτερου Ιεζερ. 11 π.μ.) Καθημερινά 9.15 μ.μ. Τετ. Σάβ. Κυρ. 6.15 μ.μ.

ΣΙΝΕ ΑΚΤΕ (Αγ. Μελετίου και Κυψέλης 16, τηλ. 8214.860): Νέοι. «Η Μαντού Καθημέρια» τό Μ. Σατροφ μ.μ. Τετ. 9 μ.μ.

ΣΙΝΕ ΝΕΟ (Ελευθ. Βενιζέλου, τηλ. 7794.603): Οι Απαλέντες 3 ικανή αφο Στο Ναούσα, Κυρ. 5 μ.μ. Ζαβ. Σάβ. Κυρ. 6.15 μ.μ.

ΣΤΟΑ (Θρακ. 24, τηλ. 5221.413): Αρτσιζ Μαγδη «Καυτή κάθισμα» Τρ. Πέμ. Παρ. 9.15 μ.μ. Σάβ. Κυρ. 6.15 μ.μ.

ΣΤΑΘΕΡΟΠΟΥΛΟΥ (Πανεπιστημίου 38, τηλ. 3627.448): «Ερωτο θολ» στο τμήμα Θέατρο Ιλατενάκιουπουλου. Μαρκος Καοτούρα Καθημερινά έκτός Δευτ. 9.15 μ.μ. Τετ. Σάβ. Κυρ. 6.30 Παιδική Σκηνή: Θίασος «81 Ν. Κυριακίδης» Σάβ. 3 μ.μ.
